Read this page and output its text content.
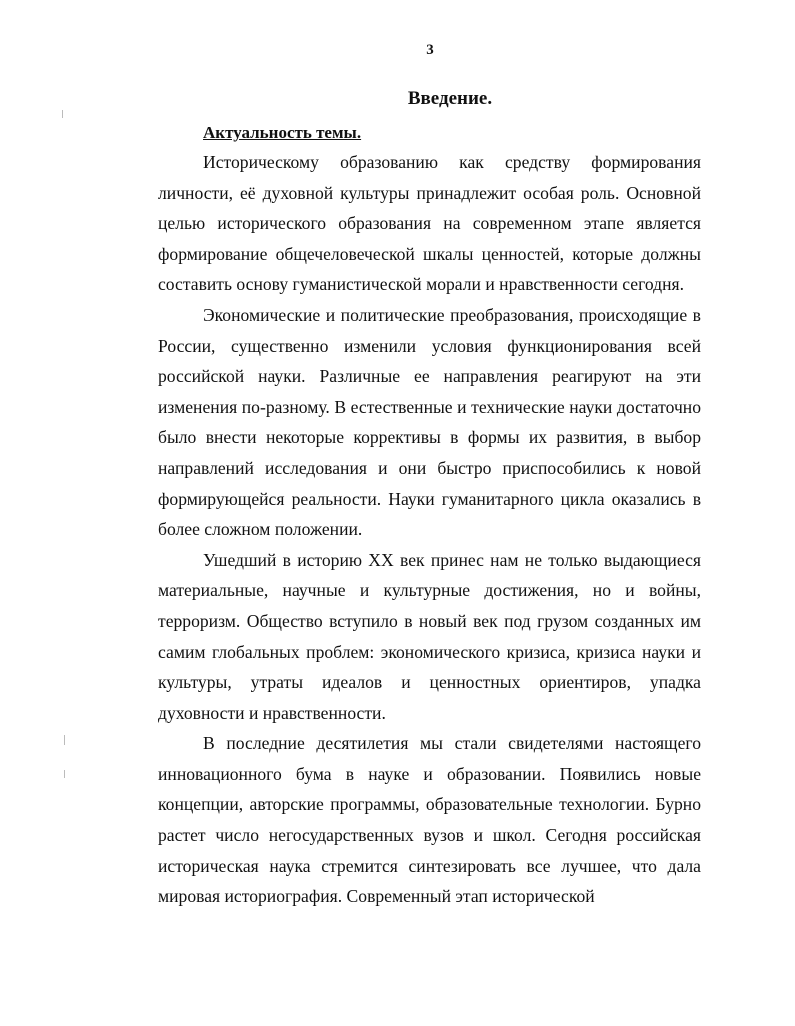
3
Введение.
Актуальность темы.

Историческому образованию как средству формирования личности, её духовной культуры принадлежит особая роль. Основной целью исторического образования на современном этапе является формирование общечеловеческой шкалы ценностей, которые должны составить основу гуманистической морали и нравственности сегодня.

Экономические и политические преобразования, происходящие в России, существенно изменили условия функционирования всей российской науки. Различные ее направления реагируют на эти изменения по-разному. В естественные и технические науки достаточно было внести некоторые коррективы в формы их развития, в выбор направлений исследования и они быстро приспособились к новой формирующейся реальности. Науки гуманитарного цикла оказались в более сложном положении.

Ушедший в историю XX век принес нам не только выдающиеся материальные, научные и культурные достижения, но и войны, терроризм. Общество вступило в новый век под грузом созданных им самим глобальных проблем: экономического кризиса, кризиса науки и культуры, утраты идеалов и ценностных ориентиров, упадка духовности и нравственности.

В последние десятилетия мы стали свидетелями настоящего инновационного бума в науке и образовании. Появились новые концепции, авторские программы, образовательные технологии. Бурно растет число негосударственных вузов и школ. Сегодня российская историческая наука стремится синтезировать все лучшее, что дала мировая историография. Современный этап исторической
